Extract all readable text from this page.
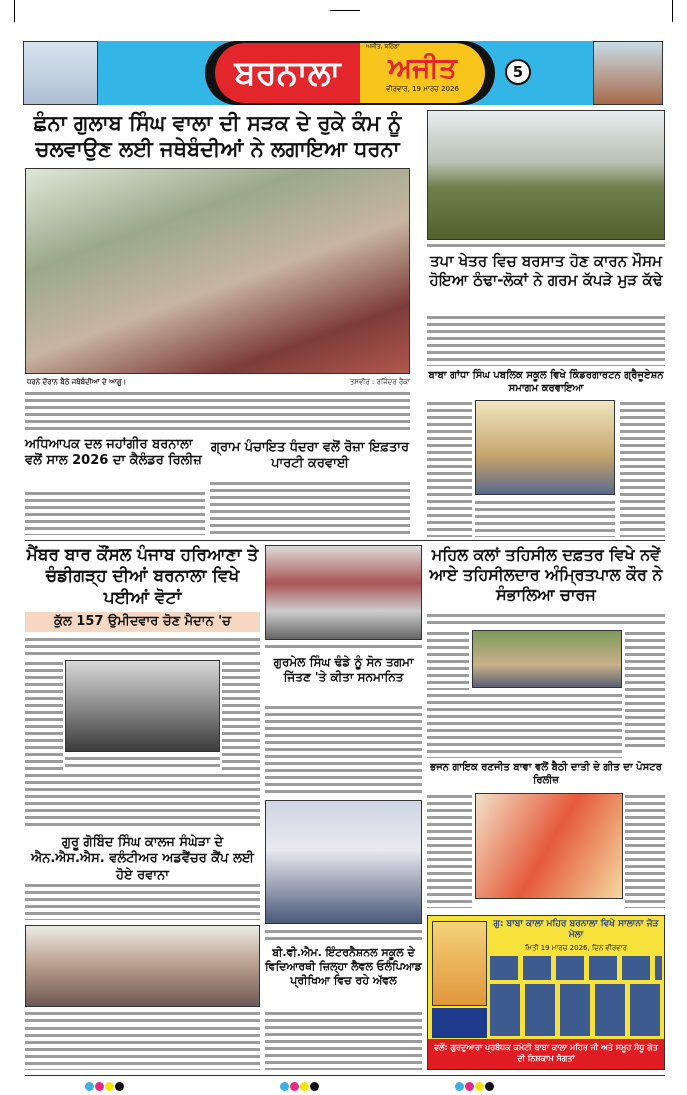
ਬਰਨਾਲਾ
ਅਜੀਤ, ਬਠਿੰਡਾ
ਅਜੀਤ
ਵੀਰਵਾਰ, 19 ਮਾਰਚ 2026
5
ਛੰਨਾ ਗੁਲਾਬ ਸਿੰਘ ਵਾਲਾ ਦੀ ਸੜਕ ਦੇ ਰੁਕੇ ਕੰਮ ਨੂੰ ਚਲਵਾਉਣ ਲਈ ਜਥੇਬੰਦੀਆਂ ਨੇ ਲਗਾਇਆ ਧਰਨਾ
ਧਰਨੇ ਦੌਰਾਨ ਬੈਠੇ ਜਥੇਬੰਦੀਆਂ ਦੇ ਆਗੂ।	ਤਸਵੀਰ : ਰਜਿੰਦਰ ਰੈਂਕਾ
ਅਧਿਆਪਕ ਦਲ ਜਹਾਂਗੀਰ ਬਰਨਾਲਾ ਵਲੋਂ ਸਾਲ 2026 ਦਾ ਕੈਲੰਡਰ ਰਿਲੀਜ਼
ਗ੍ਰਾਮ ਪੰਚਾਇਤ ਧੰਦਰਾ ਵਲੋਂ ਰੋਜ਼ਾ ਇਫ਼ਤਾਰ ਪਾਰਟੀ ਕਰਵਾਈ
ਤਪਾ ਖੇਤਰ ਵਿਚ ਬਰਸਾਤ ਹੋਣ ਕਾਰਨ ਮੌਸਮ ਹੋਇਆ ਠੰਢਾ-ਲੋਕਾਂ ਨੇ ਗਰਮ ਕੱਪੜੇ ਮੁੜ ਕੱਢੇ
ਬਾਬਾ ਗਾਂਧਾ ਸਿੰਘ ਪਬਲਿਕ ਸਕੂਲ ਵਿਖੇ ਕਿੰਡਰਗਾਰਟਨ ਗ੍ਰੈਜੂਏਸ਼ਨ ਸਮਾਗਮ ਕਰਵਾਇਆ
ਮੈਂਬਰ ਬਾਰ ਕੌਂਸਲ ਪੰਜਾਬ ਹਰਿਆਣਾ ਤੇ ਚੰਡੀਗੜ੍ਹ ਦੀਆਂ ਬਰਨਾਲਾ ਵਿਖੇ ਪਈਆਂ ਵੋਟਾਂ
ਕੁੱਲ 157 ਉਮੀਦਵਾਰ ਚੋਣ ਮੈਦਾਨ 'ਚ
ਗੁਰੂ ਗੋਬਿੰਦ ਸਿੰਘ ਕਾਲਜ ਸੰਘੇੜਾ ਦੇ ਐਨ.ਐਸ.ਐਸ. ਵਲੰਟੀਅਰ ਅਡਵੈਂਚਰ ਕੈਂਪ ਲਈ ਹੋਏ ਰਵਾਨਾ
ਗੁਰਮੇਲ ਸਿੰਘ ਢੰਡੇ ਨੂੰ ਸੋਨ ਤਗਮਾ ਜਿੱਤਣ 'ਤੇ ਕੀਤਾ ਸਨਮਾਨਿਤ
ਬੀ.ਵੀ.ਐਮ. ਇੰਟਰਨੈਸ਼ਨਲ ਸਕੂਲ ਦੇ ਵਿਦਿਆਰਥੀ ਜ਼ਿਲ੍ਹਾ ਲੈਵਲ ਓਲੰਪਿਆਡ ਪ੍ਰੀਖਿਆ ਵਿਚ ਰਹੇ ਅੱਵਲ
ਮਹਿਲ ਕਲਾਂ ਤਹਿਸੀਲ ਦਫ਼ਤਰ ਵਿਖੇ ਨਵੇਂ ਆਏ ਤਹਿਸੀਲਦਾਰ ਅੰਮ੍ਰਿਤਪਾਲ ਕੌਰ ਨੇ ਸੰਭਾਲਿਆ ਚਾਰਜ
ਭਜਨ ਗਾਇਕ ਰਣਜੀਤ ਬਾਵਾ ਵਲੋਂ ਬੈਠੀ ਦਾਤੀ ਦੇ ਗੀਤ ਦਾ ਪੋਸਟਰ ਰਿਲੀਜ਼
ਗੁ: ਬਾਬਾ ਕਾਲਾ ਮਹਿਰ ਬਰਨਾਲਾ ਵਿਖੇ ਸਾਲਾਨਾ ਜੋੜ ਮੇਲਾ
ਮਿਤੀ 19 ਮਾਰਚ 2026, ਦਿਨ ਵੀਰਵਾਰ
ਵਲੋਂ: ਗੁਰਦੁਆਰਾ ਪ੍ਰਬੰਧਕ ਕਮੇਟੀ ਬਾਬਾ ਕਾਲਾ ਮਹਿਰ ਜੀ ਅਤੇ ਸਮੂਹ ਸੰਧੂ ਗੋਤ ਦੀ ਨਿਸ਼ਕਾਮ ਸੰਗਤਾਂ
